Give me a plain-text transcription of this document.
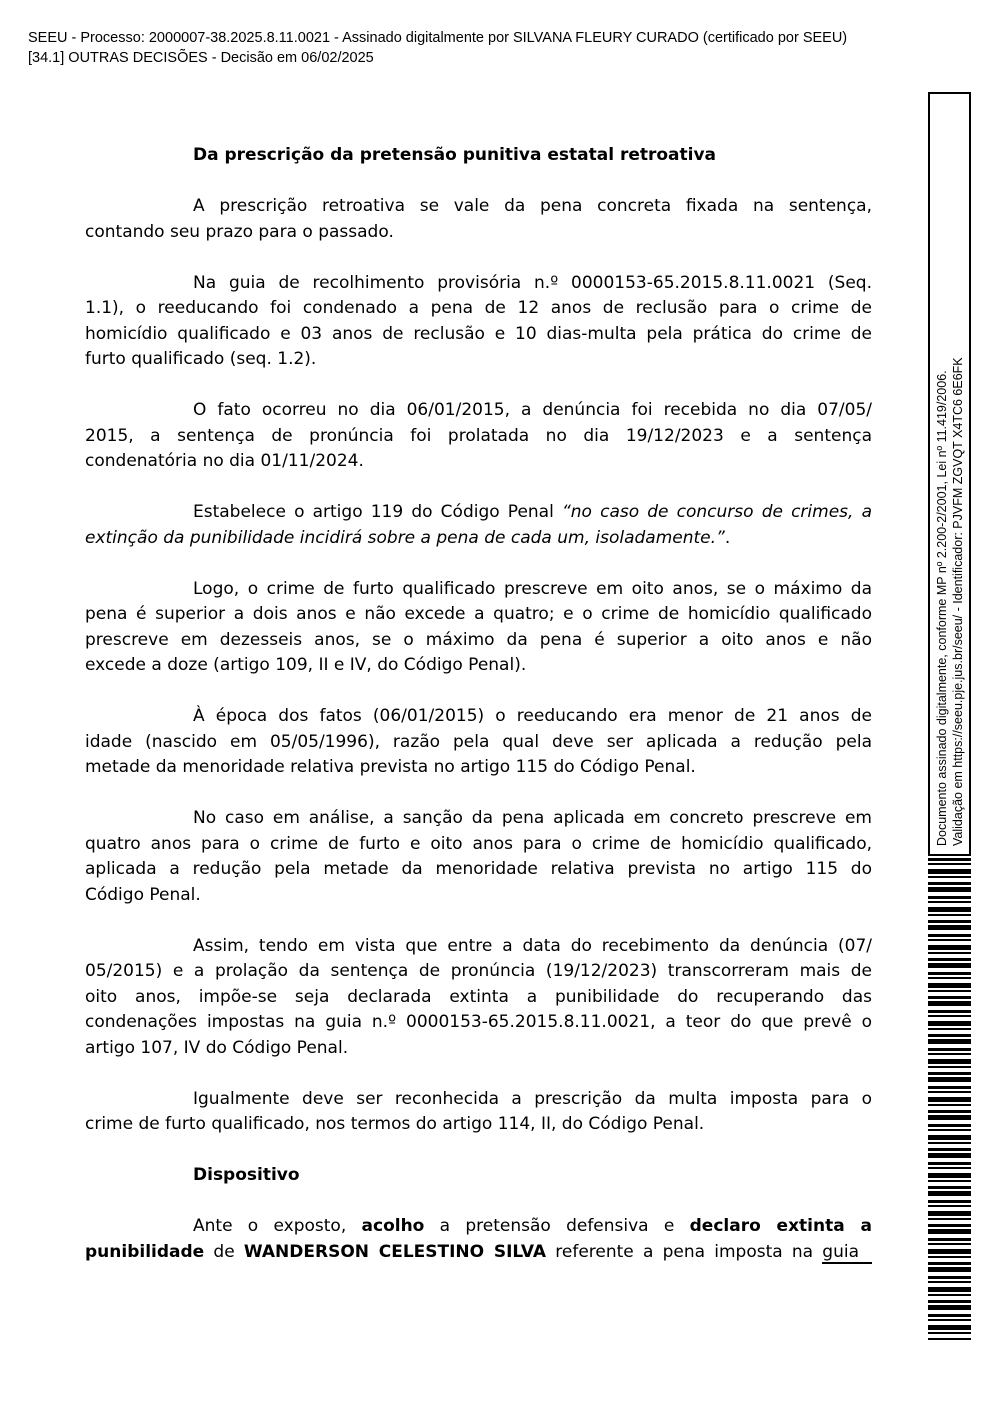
SEEU - Processo: 2000007-38.2025.8.11.0021 - Assinado digitalmente por SILVANA FLEURY CURADO (certificado por SEEU)
[34.1] OUTRAS DECISÕES - Decisão em 06/02/2025
Da prescrição da pretensão punitiva estatal retroativa
A prescrição retroativa se vale da pena concreta fixada na sentença,
contando seu prazo para o passado.
Na guia de recolhimento provisória n.º 0000153-65.2015.8.11.0021 (Seq.
1.1), o reeducando foi condenado a pena de 12 anos de reclusão para o crime de
homicídio qualificado e 03 anos de reclusão e 10 dias-multa pela prática do crime de
furto qualificado (seq. 1.2).
O fato ocorreu no dia 06/01/2015, a denúncia foi recebida no dia 07/05/
2015, a sentença de pronúncia foi prolatada no dia 19/12/2023 e a sentença
condenatória no dia 01/11/2024.
Estabelece o artigo 119 do Código Penal “no caso de concurso de crimes, a
extinção da punibilidade incidirá sobre a pena de cada um, isoladamente.”.
Logo, o crime de furto qualificado prescreve em oito anos, se o máximo da
pena é superior a dois anos e não excede a quatro; e o crime de homicídio qualificado
prescreve em dezesseis anos, se o máximo da pena é superior a oito anos e não
excede a doze (artigo 109, II e IV, do Código Penal).
À época dos fatos (06/01/2015) o reeducando era menor de 21 anos de
idade (nascido em 05/05/1996), razão pela qual deve ser aplicada a redução pela
metade da menoridade relativa prevista no artigo 115 do Código Penal.
No caso em análise, a sanção da pena aplicada em concreto prescreve em
quatro anos para o crime de furto e oito anos para o crime de homicídio qualificado,
aplicada a redução pela metade da menoridade relativa prevista no artigo 115 do
Código Penal.
Assim, tendo em vista que entre a data do recebimento da denúncia (07/
05/2015) e a prolação da sentença de pronúncia (19/12/2023) transcorreram mais de
oito anos, impõe-se seja declarada extinta a punibilidade do recuperando das
condenações impostas na guia n.º 0000153-65.2015.8.11.0021, a teor do que prevê o
artigo 107, IV do Código Penal.
Igualmente deve ser reconhecida a prescrição da multa imposta para o
crime de furto qualificado, nos termos do artigo 114, II, do Código Penal.
Dispositivo
Ante o exposto, acolho a pretensão defensiva e declaro extinta a
punibilidade de WANDERSON CELESTINO SILVA referente a pena imposta na guia
Documento assinado digitalmente, conforme MP nº 2.200-2/2001, Lei nº 11.419/2006. Validação em https://seeu.pje.jus.br/seeu/ - Identificador: PJVFM ZGVQT X4TC6 6E6FK
